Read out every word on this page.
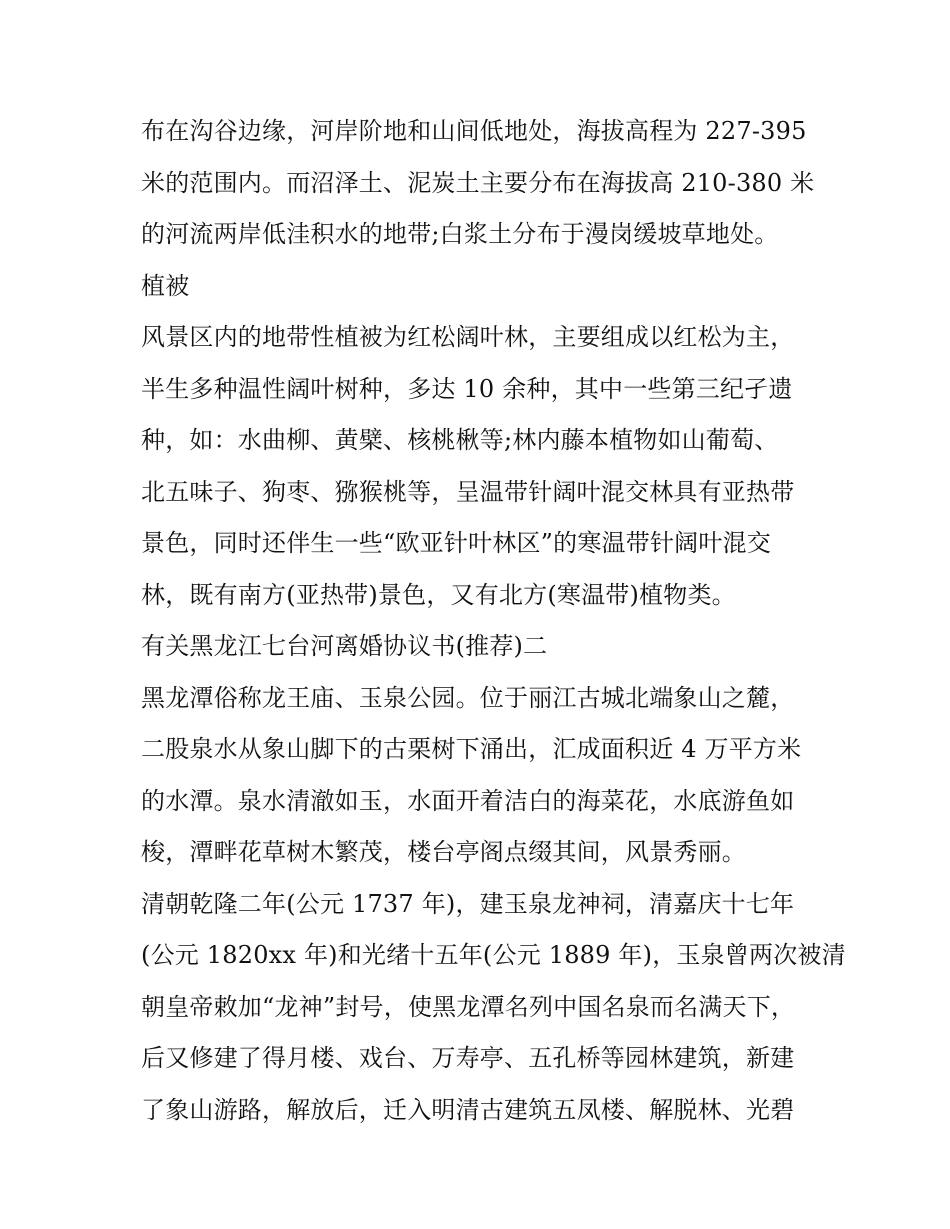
布在沟谷边缘，河岸阶地和山间低地处，海拔高程为 227-395
米的范围内。而沼泽土、泥炭土主要分布在海拔高 210-380 米
的河流两岸低洼积水的地带;白浆土分布于漫岗缓坡草地处。
植被
风景区内的地带性植被为红松阔叶林，主要组成以红松为主，
半生多种温性阔叶树种，多达 10 余种，其中一些第三纪孑遗
种，如：水曲柳、黄檗、核桃楸等;林内藤本植物如山葡萄、
北五味子、狗枣、猕猴桃等，呈温带针阔叶混交林具有亚热带
景色，同时还伴生一些“欧亚针叶林区”的寒温带针阔叶混交
林，既有南方(亚热带)景色，又有北方(寒温带)植物类。
有关黑龙江七台河离婚协议书(推荐)二
黑龙潭俗称龙王庙、玉泉公园。位于丽江古城北端象山之麓，
二股泉水从象山脚下的古栗树下涌出，汇成面积近 4 万平方米
的水潭。泉水清澈如玉，水面开着洁白的海菜花，水底游鱼如
梭，潭畔花草树木繁茂，楼台亭阁点缀其间，风景秀丽。
清朝乾隆二年(公元 1737 年)，建玉泉龙神祠，清嘉庆十七年
(公元 1820xx 年)和光绪十五年(公元 1889 年)，玉泉曾两次被清
朝皇帝敕加“龙神”封号，使黑龙潭名列中国名泉而名满天下，
后又修建了得月楼、戏台、万寿亭、五孔桥等园林建筑，新建
了象山游路，解放后，迁入明清古建筑五凤楼、解脱林、光碧
